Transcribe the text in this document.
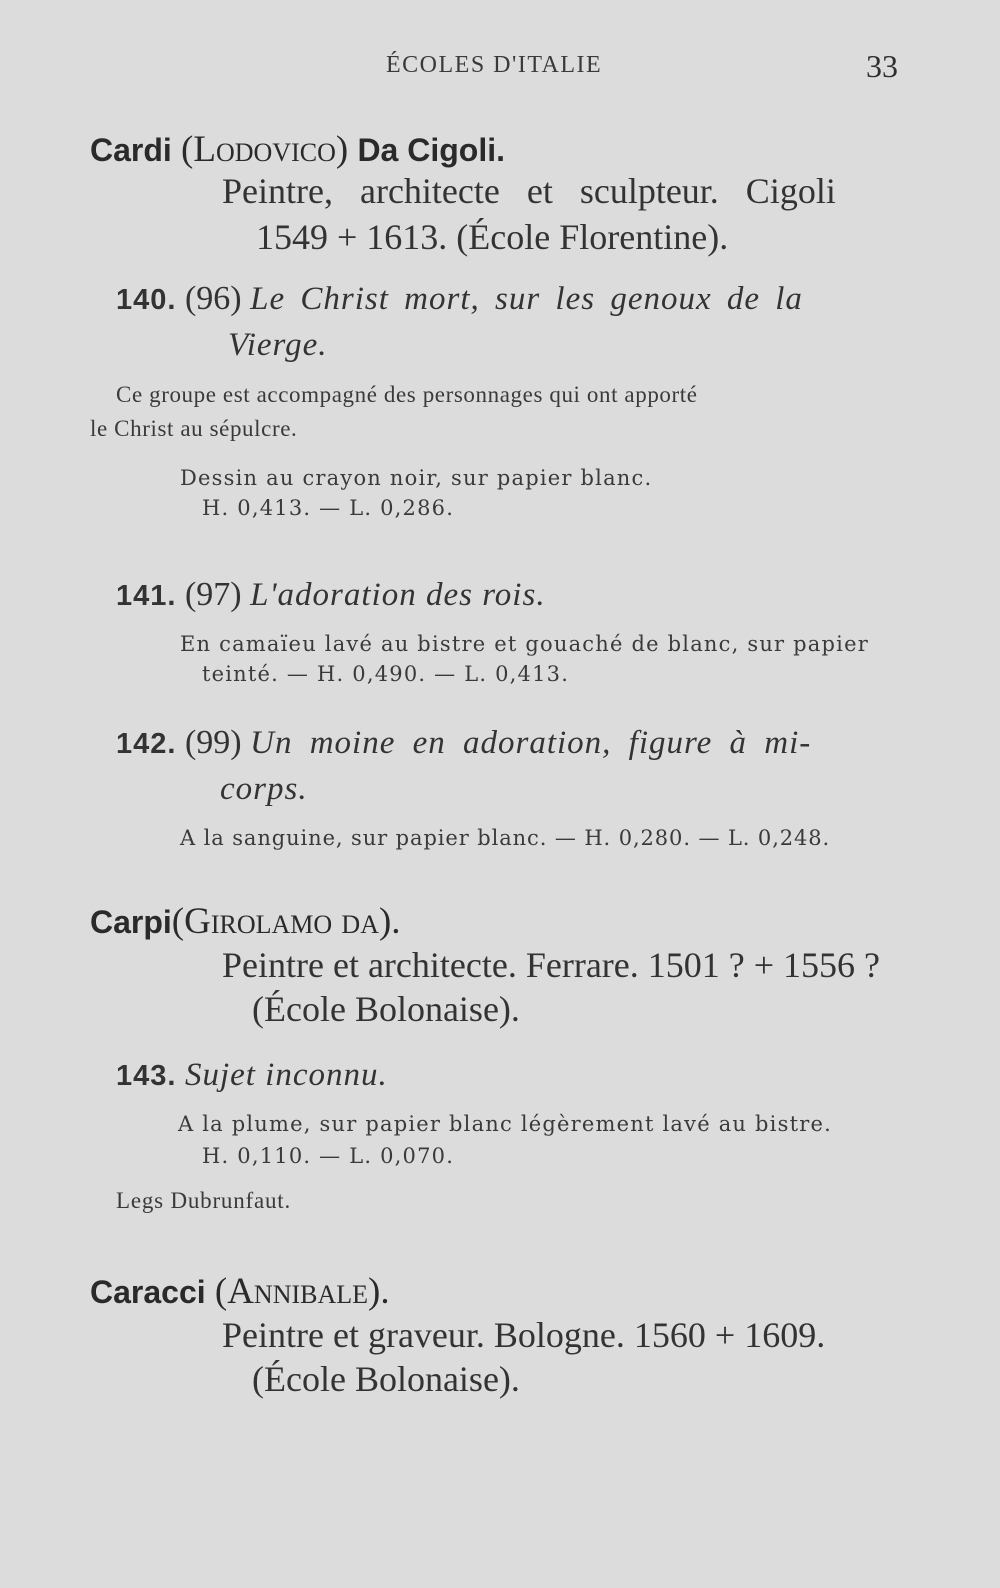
ÉCOLES D'ITALIE	33
Cardi (Lodovico) Da Cigoli.
Peintre, architecte et sculpteur. Cigoli
1549 + 1613. (École Florentine).
140. (96) Le Christ mort, sur les genoux de la
Vierge.
Ce groupe est accompagné des personnages qui ont apporté
le Christ au sépulcre.
Dessin au crayon noir, sur papier blanc.
H. 0,413. — L. 0,286.
141. (97) L'adoration des rois.
En camaïeu lavé au bistre et gouaché de blanc, sur papier
teinté. — H. 0,490. — L. 0,413.
142. (99) Un moine en adoration, figure à mi-
corps.
A la sanguine, sur papier blanc. — H. 0,280. — L. 0,248.
Carpi(Girolamo da).
Peintre et architecte. Ferrare. 1501 ? + 1556 ?
(École Bolonaise).
143. Sujet inconnu.
A la plume, sur papier blanc légèrement lavé au bistre.
H. 0,110. — L. 0,070.
Legs Dubrunfaut.
Caracci (Annibale).
Peintre et graveur. Bologne. 1560 + 1609.
(École Bolonaise).
